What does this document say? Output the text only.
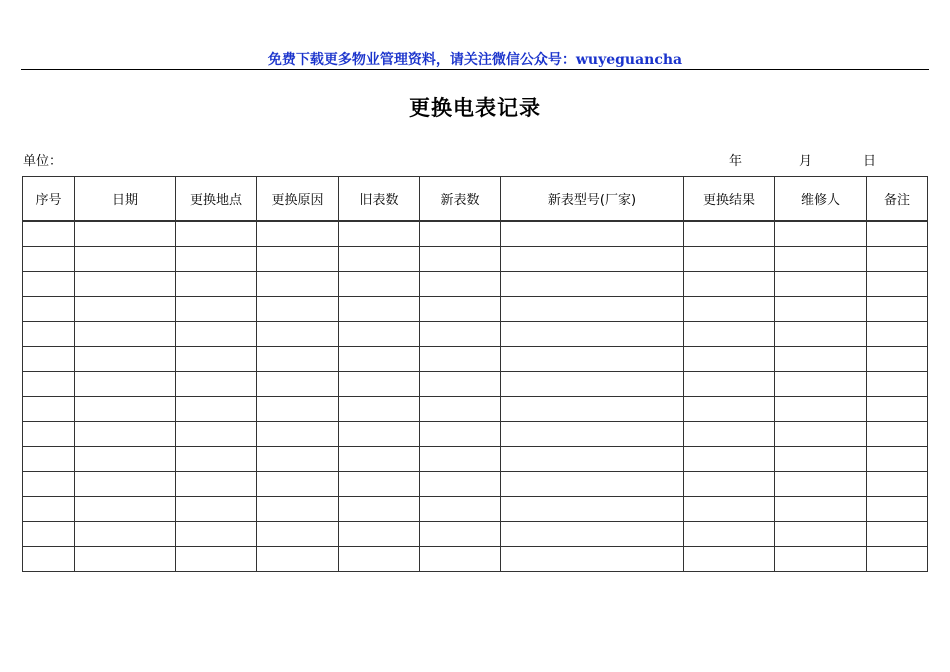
免费下载更多物业管理资料，请关注微信公众号：wuyeguancha
更换电表记录
单位：	年	月	日
序号	日期	更换地点	更换原因	旧表数	新表数	新表型号(厂家)	更换结果	维修人	备注
